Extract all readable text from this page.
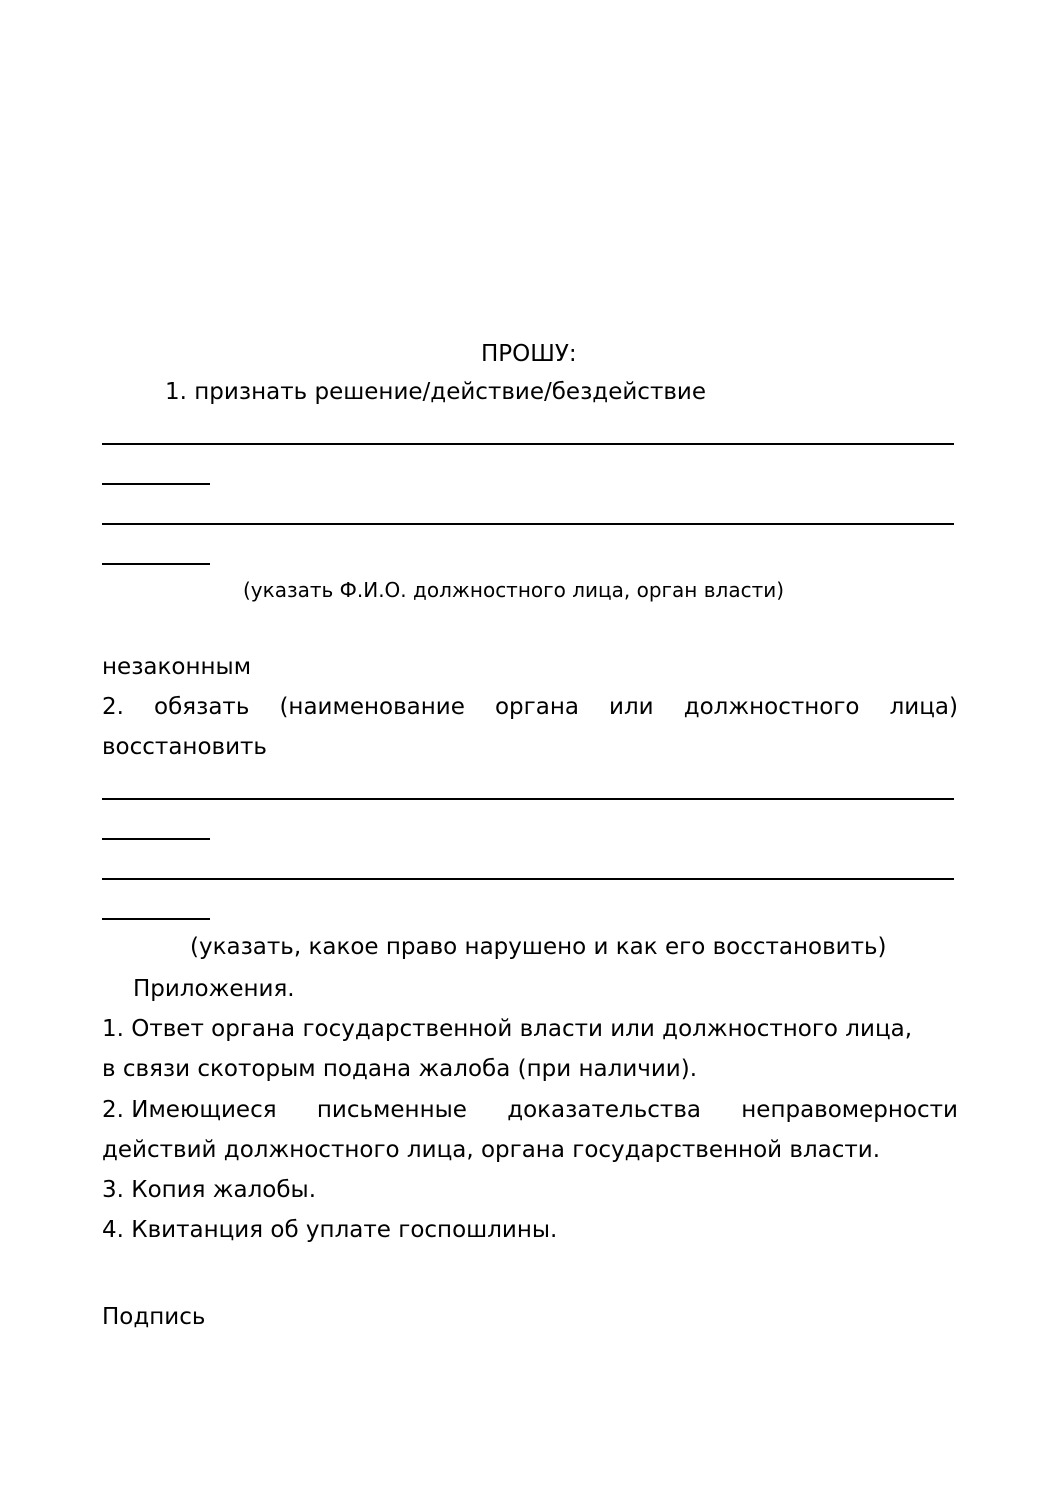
ПРОШУ:
1. признать решение/действие/бездействие
(указать Ф.И.О. должностного лица, орган власти)
незаконным
2. обязать (наименование органа или должностного лица)
восстановить
(указать, какое право нарушено и как его восстановить)
Приложения.
1. Ответ органа государственной власти или должностного лица,
в связи скоторым подана жалоба (при наличии).
2. Имеющиеся письменные доказательства неправомерности
действий должностного лица, органа государственной власти.
3. Копия жалобы.
4. Квитанция об уплате госпошлины.
Подпись
